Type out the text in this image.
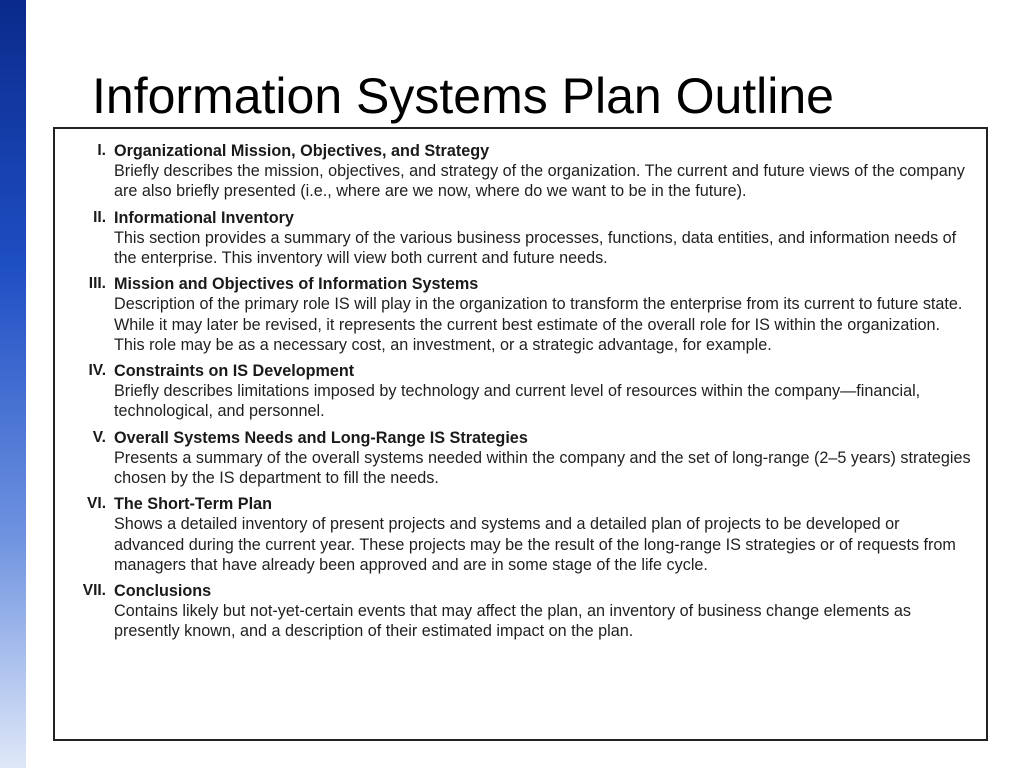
Information Systems Plan Outline
I. Organizational Mission, Objectives, and Strategy
Briefly describes the mission, objectives, and strategy of the organization. The current and future views of the company are also briefly presented (i.e., where are we now, where do we want to be in the future).
II. Informational Inventory
This section provides a summary of the various business processes, functions, data entities, and information needs of the enterprise. This inventory will view both current and future needs.
III. Mission and Objectives of Information Systems
Description of the primary role IS will play in the organization to transform the enterprise from its current to future state. While it may later be revised, it represents the current best estimate of the overall role for IS within the organization. This role may be as a necessary cost, an investment, or a strategic advantage, for example.
IV. Constraints on IS Development
Briefly describes limitations imposed by technology and current level of resources within the company—financial, technological, and personnel.
V. Overall Systems Needs and Long-Range IS Strategies
Presents a summary of the overall systems needed within the company and the set of long-range (2–5 years) strategies chosen by the IS department to fill the needs.
VI. The Short-Term Plan
Shows a detailed inventory of present projects and systems and a detailed plan of projects to be developed or advanced during the current year. These projects may be the result of the long-range IS strategies or of requests from managers that have already been approved and are in some stage of the life cycle.
VII. Conclusions
Contains likely but not-yet-certain events that may affect the plan, an inventory of business change elements as presently known, and a description of their estimated impact on the plan.
